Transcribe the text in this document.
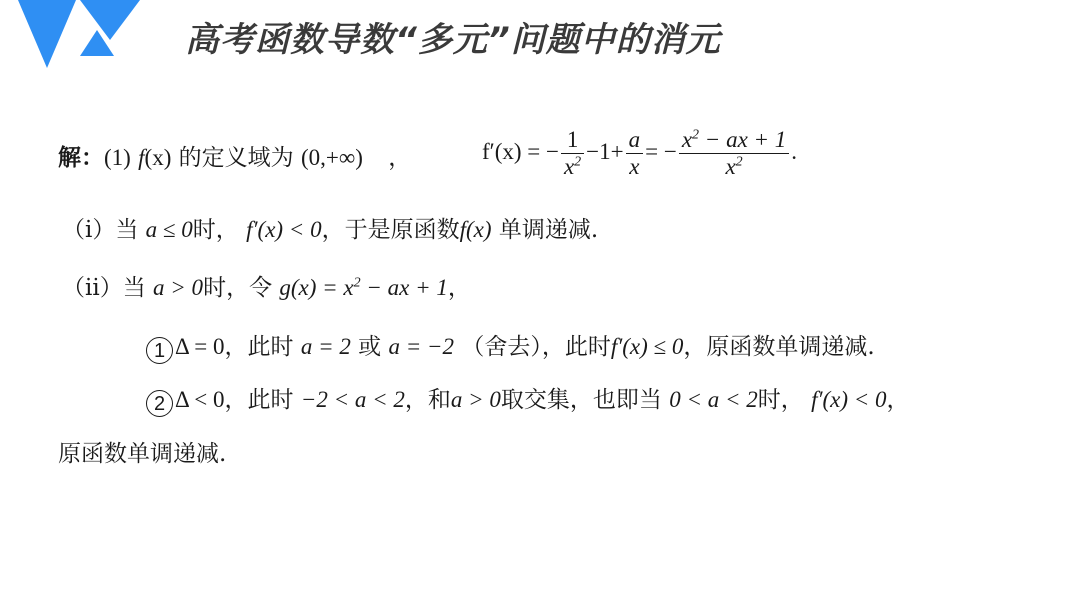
高考函数导数“多元”问题中的消元
解：(1) f(x) 的定义域为 (0,+∞) ，	f′(x) = − $\frac{1}{x^2} -1+ \frac{a}{x}$ = − $\frac{x^2 - ax + 1}{x^2}$ .
（ⅰ）当 a ≤ 0时， f′(x) < 0，于是原函数f(x) 单调递减.
（ⅱ）当 a > 0时，令 $g(x) = x^2$ − ax + 1，
1 Δ = 0，此时 a = 2 或 a = −2 （舍去），此时f′(x) ≤ 0，原函数单调递减.
2 Δ < 0，此时 −2 < a < 2，和a > 0取交集，也即当 0 < a < 2时， f′(x) < 0，
原函数单调递减.
